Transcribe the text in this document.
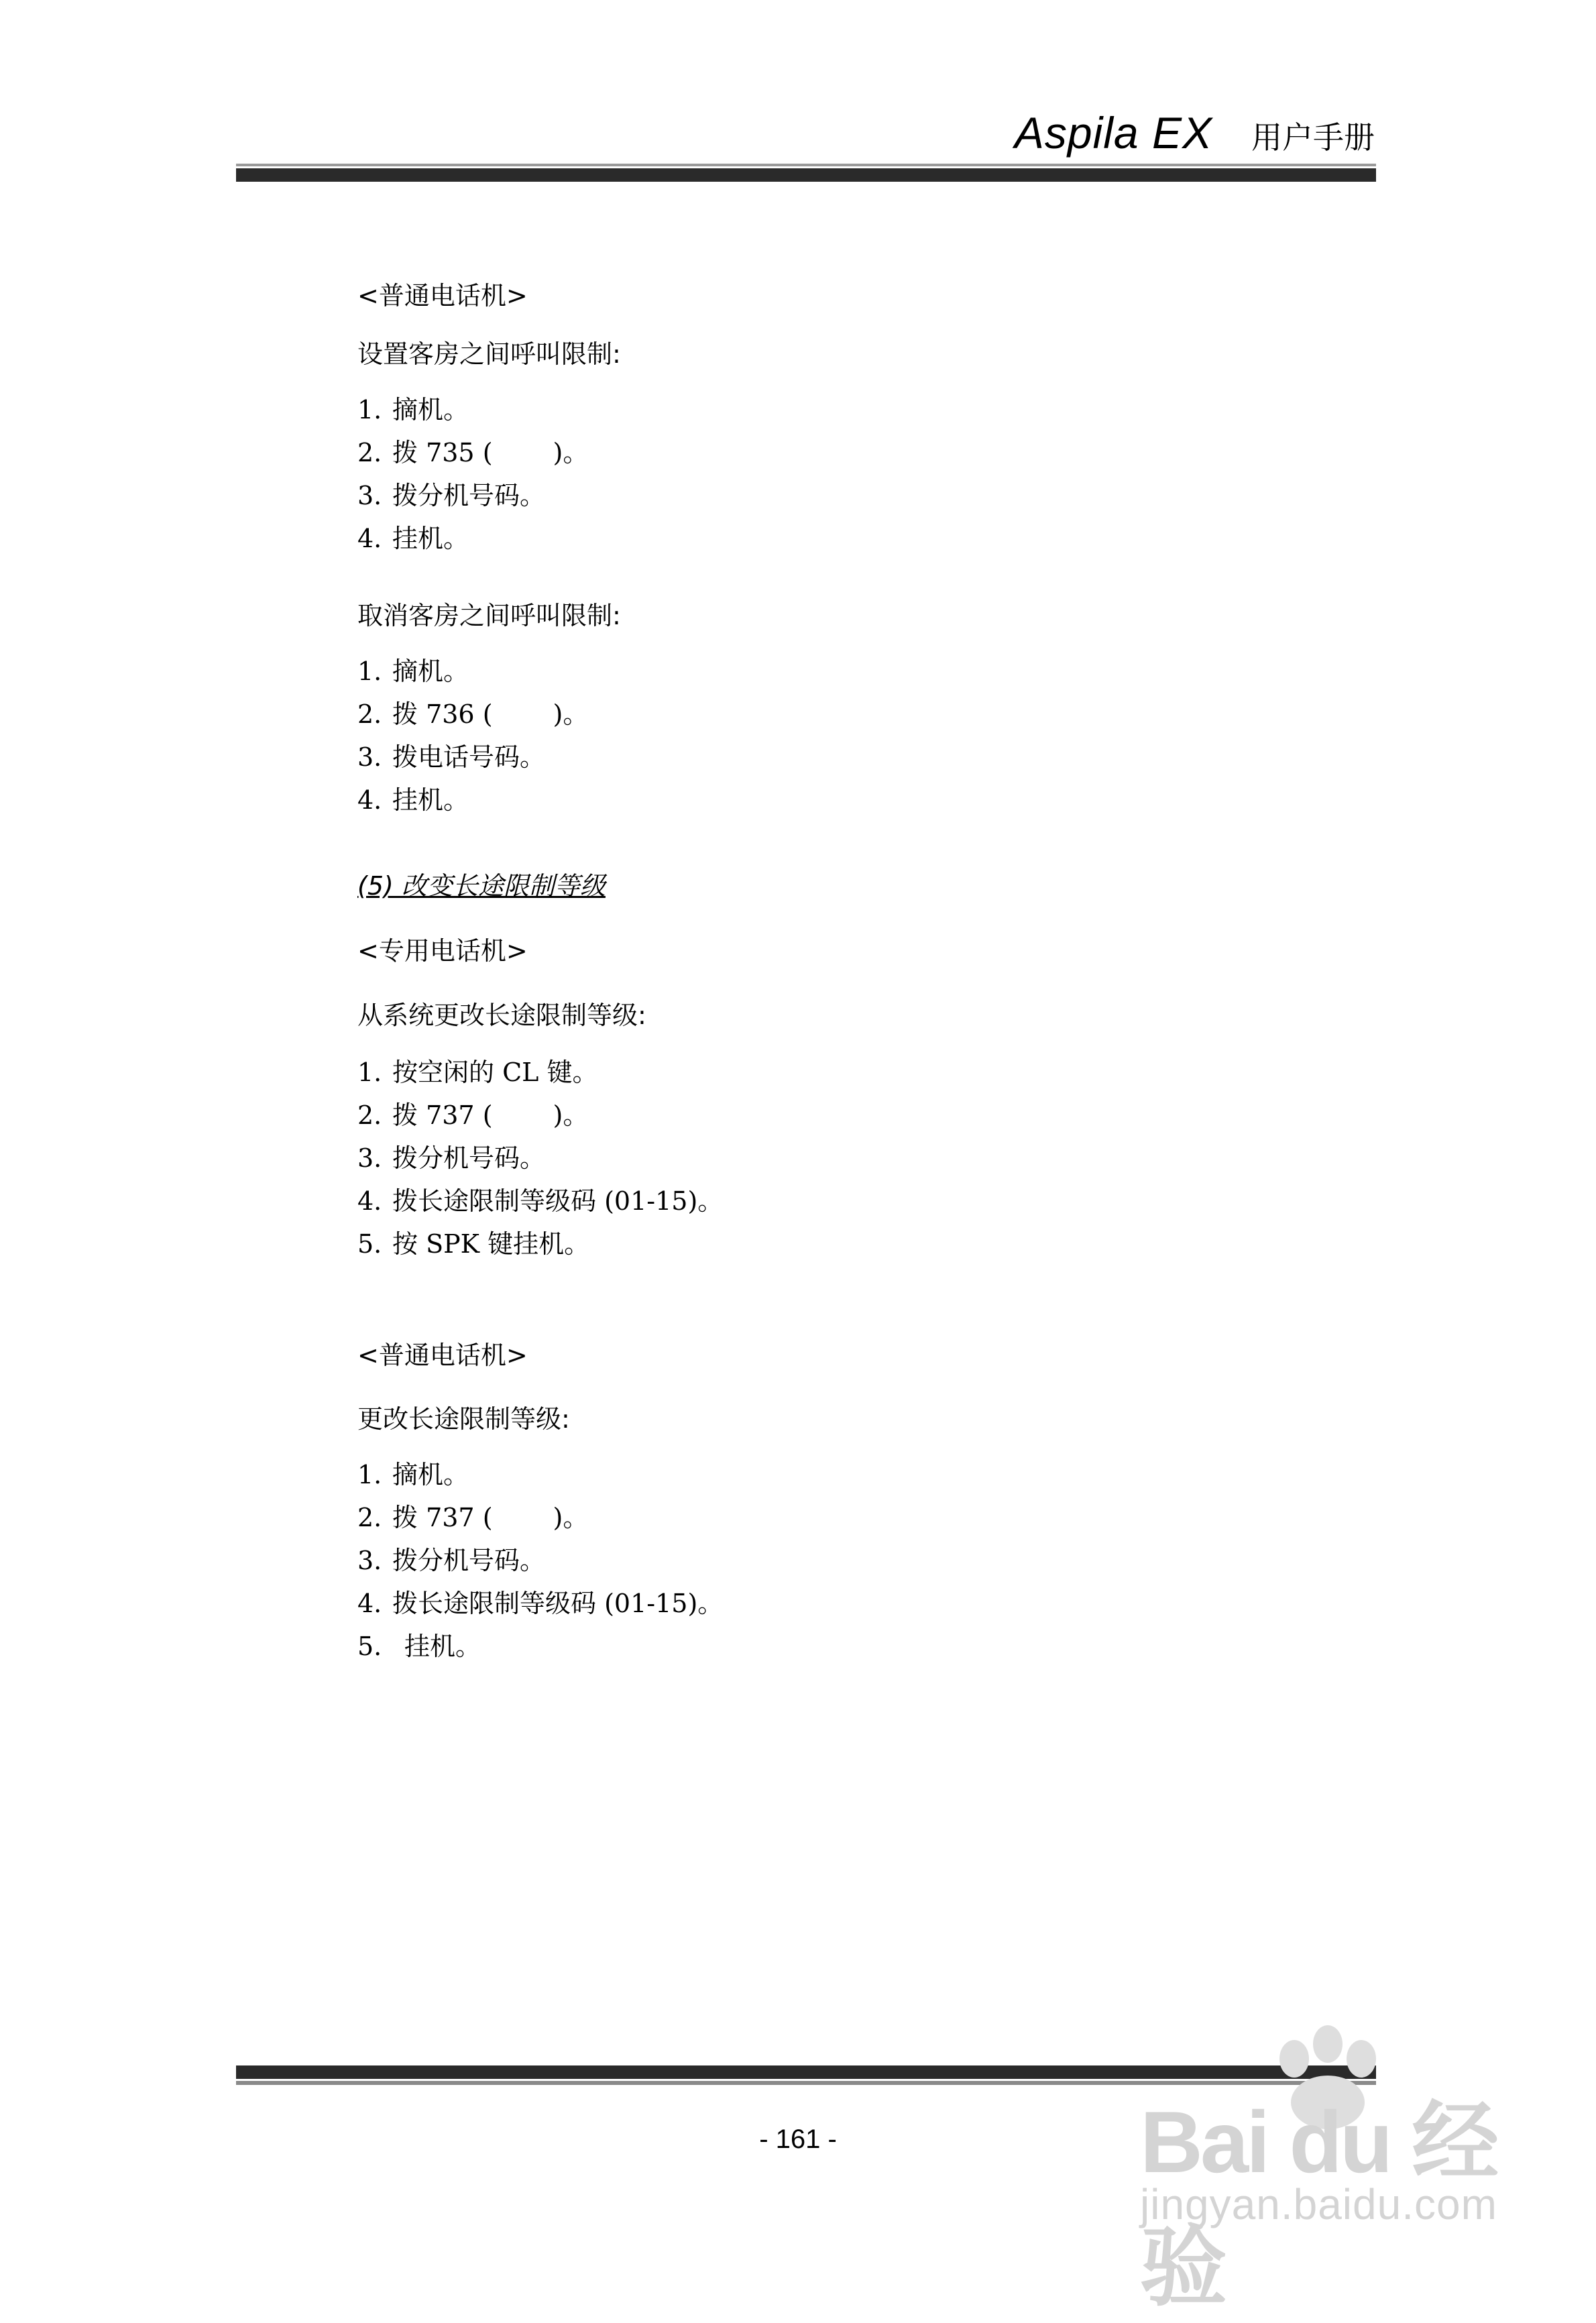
Aspila EX 用户手册
<普通电话机>
设置客房之间呼叫限制:
1. 摘机。
2. 拨 735 ( )。
3. 拨分机号码。
4. 挂机。
取消客房之间呼叫限制:
1. 摘机。
2. 拨 736 ( )。
3. 拨电话号码。
4. 挂机。
(5) 改变长途限制等级
<专用电话机>
从系统更改长途限制等级:
1. 按空闲的 CL 键。
2. 拨 737 ( )。
3. 拨分机号码。
4. 拨长途限制等级码 (01-15)。
5. 按 SPK 键挂机。
<普通电话机>
更改长途限制等级:
1. 摘机。
2. 拨 737 ( )。
3. 拨分机号码。
4. 拨长途限制等级码 (01-15)。
5. 挂机。
- 161 -	Bai du 经验
jingyan.baidu.com
